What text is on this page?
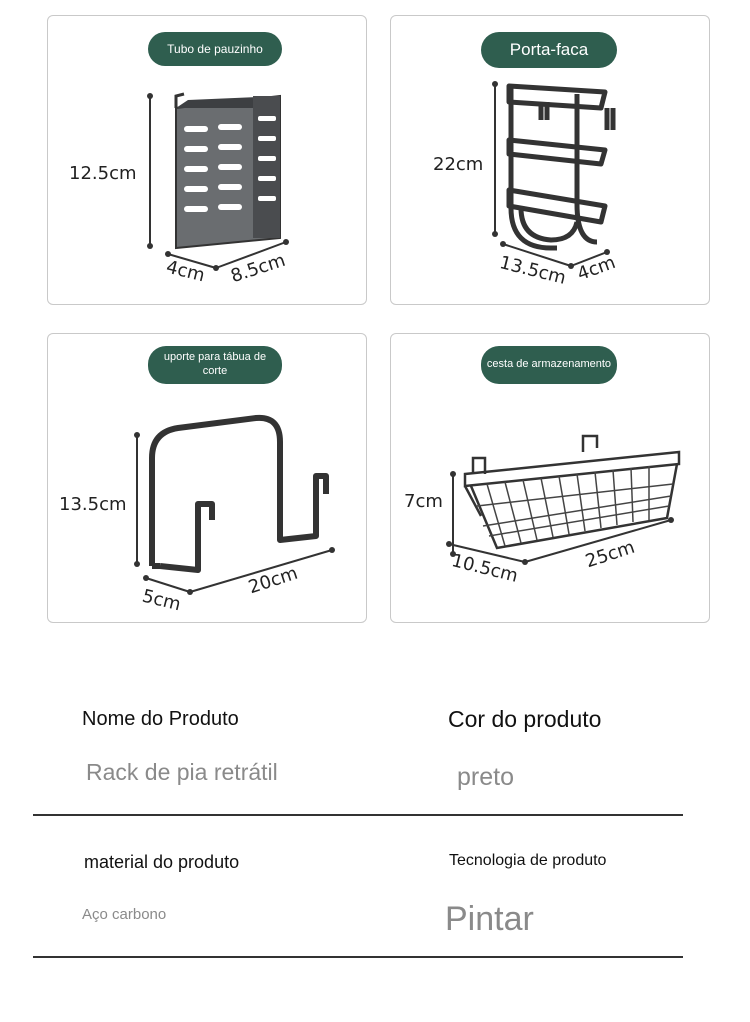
Tubo de pauzinho
12.5cm
4cm 8.5cm
Porta-faca
22cm
13.5cm 4cm
uporte para tábua de corte
13.5cm
5cm
20cm
cesta de armazenamento
7cm
10.5cm	25cm
Nome do Produto	Cor do produto
Rack de pia retrátil	preto
material do produto	Tecnologia de produto
Aço carbono	Pintar
